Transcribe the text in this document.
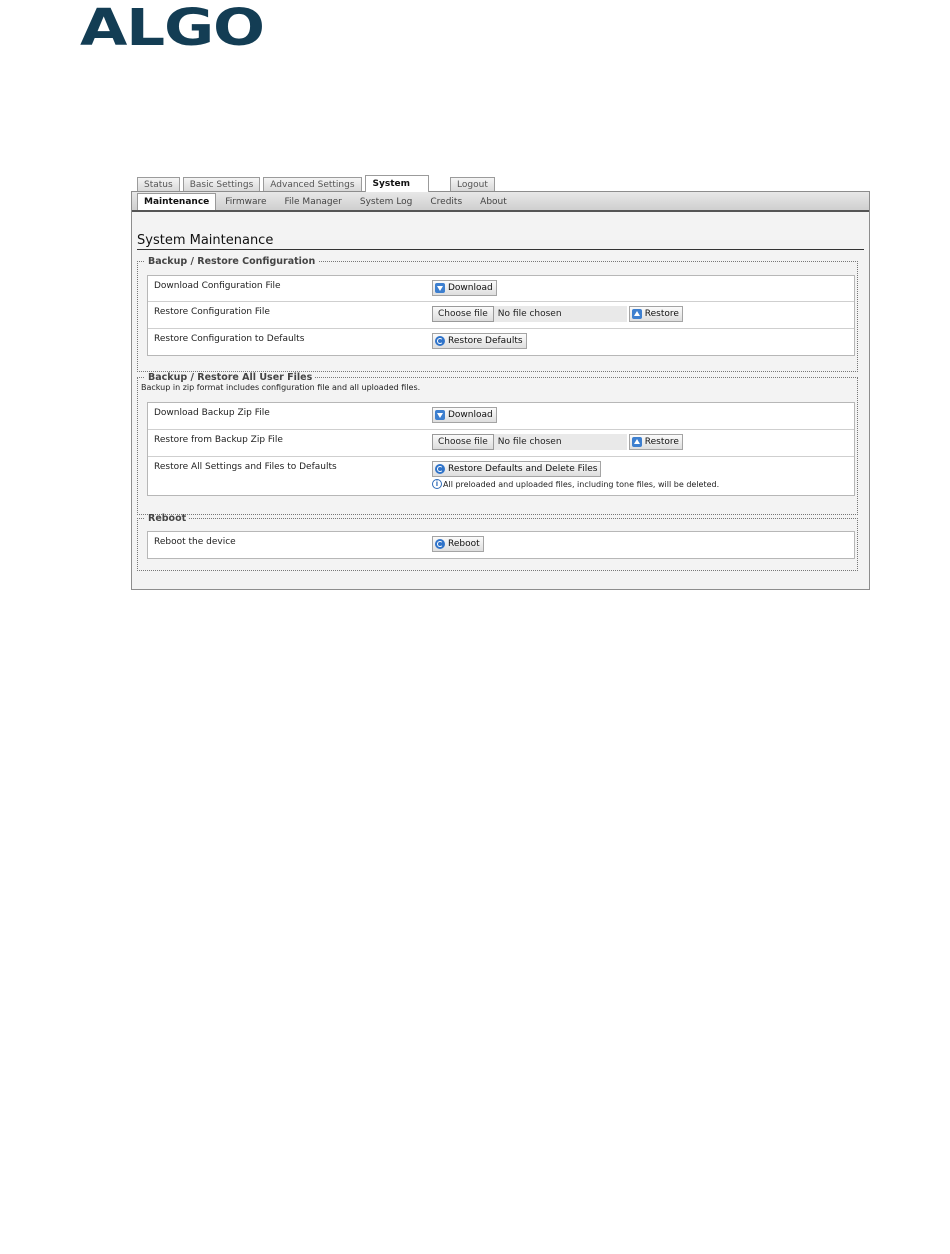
ALGO
Status	Basic Settings	Advanced Settings	System	Logout
Maintenance	Firmware	File Manager	System Log	Credits	About
System Maintenance
Backup / Restore Configuration
Download Configuration File	Download
Restore Configuration File	Choose file	No file chosen	Restore
Restore Configuration to Defaults	Restore Defaults
Backup / Restore All User Files
Backup in zip format includes configuration file and all uploaded files.
Download Backup Zip File	Download
Restore from Backup Zip File	Choose file	No file chosen	Restore
Restore All Settings and Files to Defaults	Restore Defaults and Delete Files
i All preloaded and uploaded files, including tone files, will be deleted.
Reboot
Reboot the device	Reboot
